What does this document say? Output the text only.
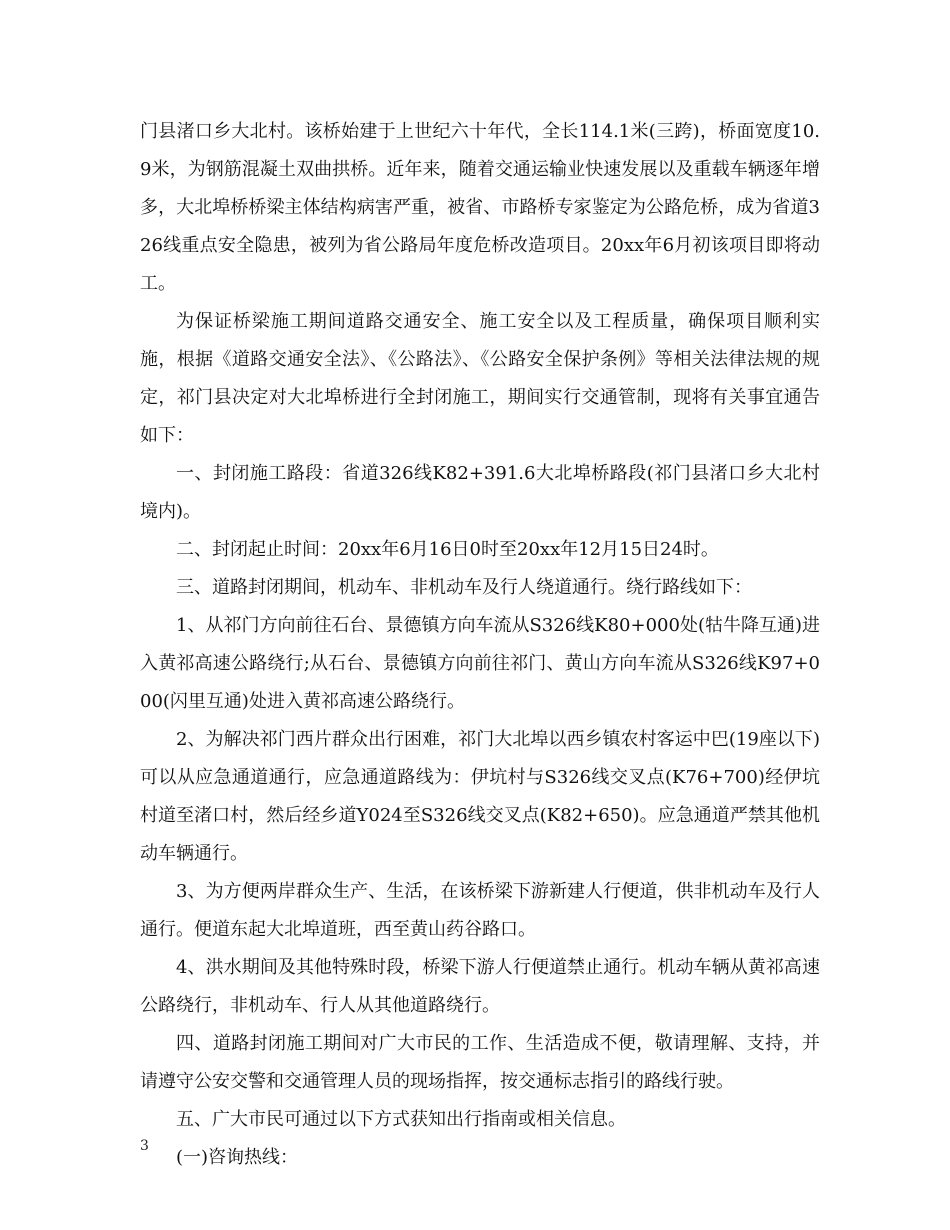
门县渚口乡大北村。该桥始建于上世纪六十年代，全长114.1米(三跨)，桥面宽度10.9米，为钢筋混凝土双曲拱桥。近年来，随着交通运输业快速发展以及重载车辆逐年增多，大北埠桥桥梁主体结构病害严重，被省、市路桥专家鉴定为公路危桥，成为省道326线重点安全隐患，被列为省公路局年度危桥改造项目。20xx年6月初该项目即将动工。

为保证桥梁施工期间道路交通安全、施工安全以及工程质量，确保项目顺利实施，根据《道路交通安全法》、《公路法》、《公路安全保护条例》等相关法律法规的规定，祁门县决定对大北埠桥进行全封闭施工，期间实行交通管制，现将有关事宜通告如下：

一、封闭施工路段：省道326线K82+391.6大北埠桥路段(祁门县渚口乡大北村境内)。

二、封闭起止时间：20xx年6月16日0时至20xx年12月15日24时。

三、道路封闭期间，机动车、非机动车及行人绕道通行。绕行路线如下：

1、从祁门方向前往石台、景德镇方向车流从S326线K80+000处(牯牛降互通)进入黄祁高速公路绕行;从石台、景德镇方向前往祁门、黄山方向车流从S326线K97+000(闪里互通)处进入黄祁高速公路绕行。

2、为解决祁门西片群众出行困难，祁门大北埠以西乡镇农村客运中巴(19座以下)可以从应急通道通行，应急通道路线为：伊坑村与S326线交叉点(K76+700)经伊坑村道至渚口村，然后经乡道Y024至S326线交叉点(K82+650)。应急通道严禁其他机动车辆通行。

3、为方便两岸群众生产、生活，在该桥梁下游新建人行便道，供非机动车及行人通行。便道东起大北埠道班，西至黄山药谷路口。

4、洪水期间及其他特殊时段，桥梁下游人行便道禁止通行。机动车辆从黄祁高速公路绕行，非机动车、行人从其他道路绕行。

四、道路封闭施工期间对广大市民的工作、生活造成不便，敬请理解、支持，并请遵守公安交警和交通管理人员的现场指挥，按交通标志指引的路线行驶。

五、广大市民可通过以下方式获知出行指南或相关信息。

(一)咨询热线：

3
